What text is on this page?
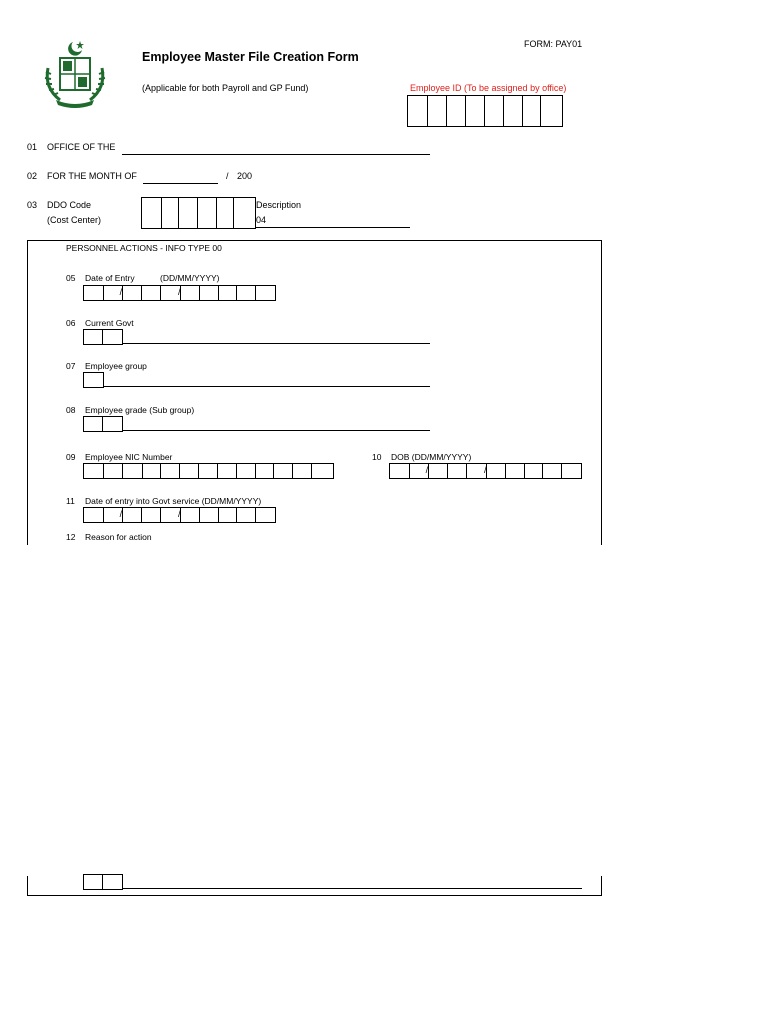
FORM: PAY01
Employee Master File Creation Form
(Applicable for both Payroll and GP Fund)	Employee ID (To be assigned by office)
01 OFFICE OF THE
02 FOR THE MONTH OF	/ 200
03 DDO Code
(Cost Center)
Description
04
PERSONNEL ACTIONS - INFO TYPE 00
05 Date of Entry	(DD/MM/YYYY)
/
/
06 Current Govt
07 Employee group
08 Employee grade (Sub group)
09 Employee NIC Number	10 DOB (DD/MM/YYYY)
/
/
11 Date of entry into Govt service (DD/MM/YYYY)
/
/
12 Reason for action
